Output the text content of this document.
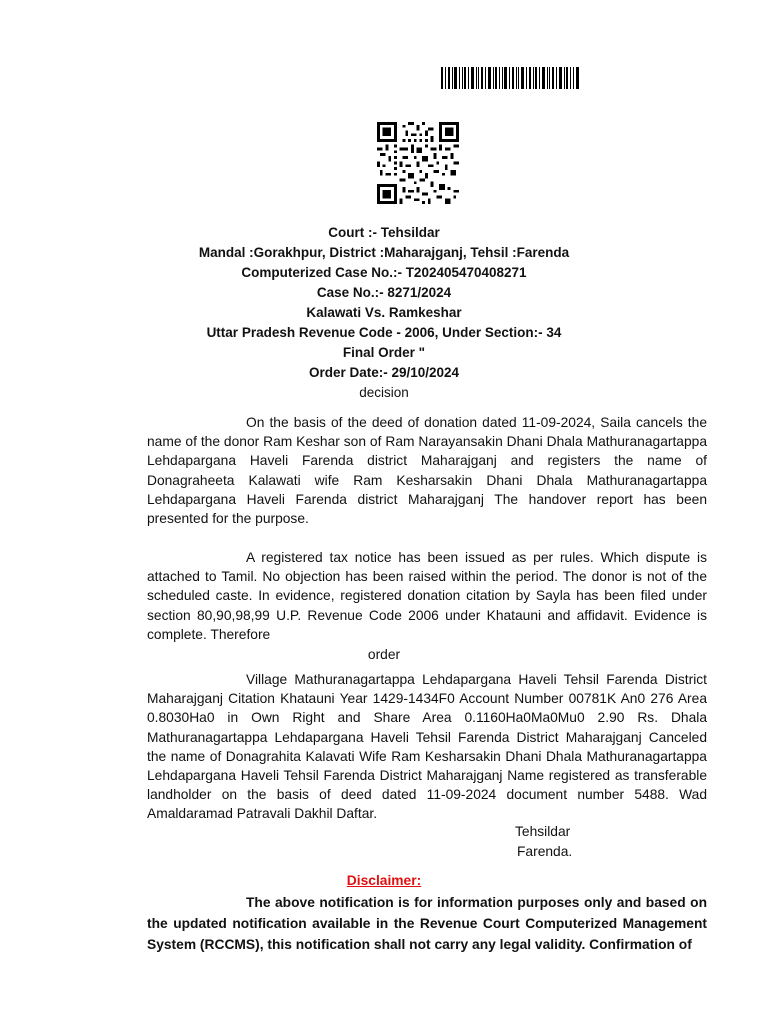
Court :- Tehsildar
Mandal :Gorakhpur, District :Maharajganj, Tehsil :Farenda
Computerized Case No.:- T202405470408271
Case No.:- 8271/2024
Kalawati Vs. Ramkeshar
Uttar Pradesh Revenue Code - 2006, Under Section:- 34
Final Order "
Order Date:- 29/10/2024
decision
On the basis of the deed of donation dated 11-09-2024, Saila cancels the name of the donor Ram Keshar son of Ram Narayansakin Dhani Dhala Mathuranagartappa Lehdapargana Haveli Farenda district Maharajganj and registers the name of Donagraheeta Kalawati wife Ram Kesharsakin Dhani Dhala Mathuranagartappa Lehdapargana Haveli Farenda district Maharajganj The handover report has been presented for the purpose.
A registered tax notice has been issued as per rules. Which dispute is attached to Tamil. No objection has been raised within the period. The donor is not of the scheduled caste. In evidence, registered donation citation by Sayla has been filed under section 80,90,98,99 U.P. Revenue Code 2006 under Khatauni and affidavit. Evidence is complete. Therefore
order
Village Mathuranagartappa Lehdapargana Haveli Tehsil Farenda District Maharajganj Citation Khatauni Year 1429-1434F0 Account Number 00781K An0 276 Area 0.8030Ha0 in Own Right and Share Area 0.1160Ha0Ma0Mu0 2.90 Rs. Dhala Mathuranagartappa Lehdapargana Haveli Tehsil Farenda District Maharajganj Canceled the name of Donagrahita Kalavati Wife Ram Kesharsakin Dhani Dhala Mathuranagartappa Lehdapargana Haveli Tehsil Farenda District Maharajganj Name registered as transferable landholder on the basis of deed dated 11-09-2024 document number 5488. Wad Amaldaramad Patravali Dakhil Daftar.
Tehsildar
Farenda.
Disclaimer:
The above notification is for information purposes only and based on the updated notification available in the Revenue Court Computerized Management System (RCCMS), this notification shall not carry any legal validity. Confirmation of
